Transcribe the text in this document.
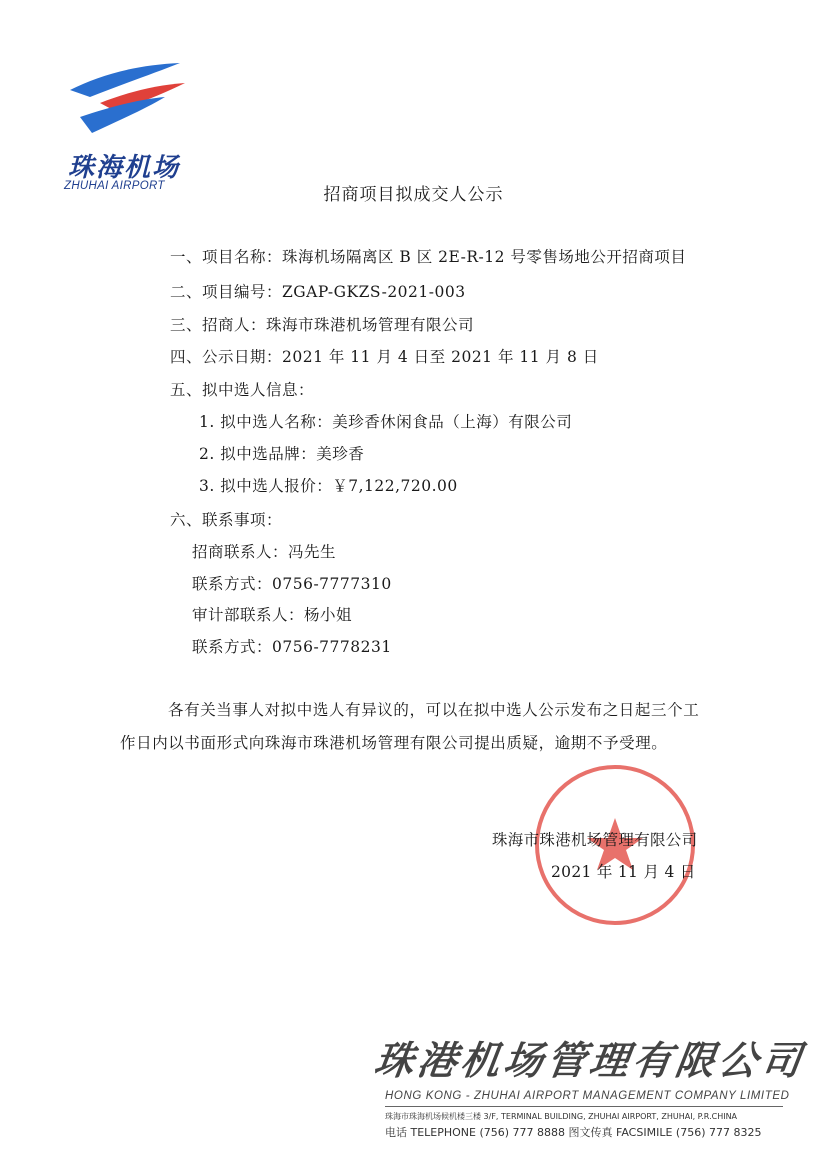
珠海机场
ZHUHAI AIRPORT	招商项目拟成交人公示
一、项目名称：珠海机场隔离区 B 区 2E-R-12 号零售场地公开招商项目
二、项目编号：ZGAP-GKZS-2021-003
三、招商人：珠海市珠港机场管理有限公司
四、公示日期：2021 年 11 月 4 日至 2021 年 11 月 8 日
五、拟中选人信息：
1. 拟中选人名称：美珍香休闲食品（上海）有限公司
2. 拟中选品牌：美珍香
3. 拟中选人报价：￥7,122,720.00
六、联系事项：
招商联系人：冯先生
联系方式：0756-7777310
审计部联系人：杨小姐
联系方式：0756-7778231
各有关当事人对拟中选人有异议的，可以在拟中选人公示发布之日起三个工
作日内以书面形式向珠海市珠港机场管理有限公司提出质疑，逾期不予受理。
珠海市珠港机场管理有限公司
2021 年 11 月 4 日
珠港机场管理有限公司
HONG KONG - ZHUHAI AIRPORT MANAGEMENT COMPANY LIMITED
珠海市珠海机场候机楼三楼 3/F, TERMINAL BUILDING, ZHUHAI AIRPORT, ZHUHAI, P.R.CHINA
电话 TELEPHONE (756) 777 8888 图文传真 FACSIMILE (756) 777 8325
